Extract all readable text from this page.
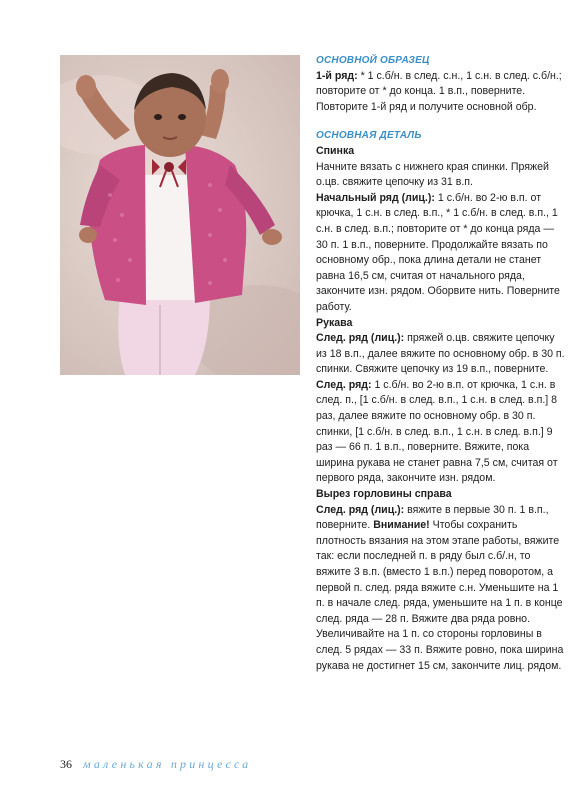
ОСНОВНОЙ ОБРАЗЕЦ

1-й ряд: * 1 с.б/н. в след. с.н., 1 с.н. в след. с.б/н.; повторите от * до конца. 1 в.п., поверните.

Повторите 1-й ряд и получите основной обр.

ОСНОВНАЯ ДЕТАЛЬ

Спинка

Начните вязать с нижнего края спинки. Пряжей о.цв. свяжите цепочку из 31 в.п.

Начальный ряд (лиц.): 1 с.б/н. во 2-ю в.п. от крючка, 1 с.н. в след. в.п., * 1 с.б/н. в след. в.п., 1 с.н. в след. в.п.; повторите от * до конца ряда — 30 п. 1 в.п., поверните. Продолжайте вязать по основному обр., пока длина детали не станет равна 16,5 см, считая от начального ряда, закончите изн. рядом. Оборвите нить. Поверните работу.

Рукава

След. ряд (лиц.): пряжей о.цв. свяжите цепочку из 18 в.п., далее вяжите по основному обр. в 30 п. спинки. Свяжите цепочку из 19 в.п., поверните.

След. ряд: 1 с.б/н. во 2-ю в.п. от крючка, 1 с.н. в след. п., [1 с.б/н. в след. в.п., 1 с.н. в след. в.п.] 8 раз, далее вяжите по основному обр. в 30 п. спинки, [1 с.б/н. в след. в.п., 1 с.н. в след. в.п.] 9 раз — 66 п. 1 в.п., поверните. Вяжите, пока ширина рукава не станет равна 7,5 см, считая от первого ряда, закончите изн. рядом.

Вырез горловины справа

След. ряд (лиц.): вяжите в первые 30 п. 1 в.п., поверните. Внимание! Чтобы сохранить плотность вязания на этом этапе работы, вяжите так: если последней п. в ряду был с.б/.н, то вяжите 3 в.п. (вместо 1 в.п.) перед поворотом, а первой п. след. ряда вяжите с.н. Уменьшите на 1 п. в начале след. ряда, уменьшите на 1 п. в конце след. ряда — 28 п. Вяжите два ряда ровно. Увеличивайте на 1 п. со стороны горловины в след. 5 рядах — 33 п. Вяжите ровно, пока ширина рукава не достигнет 15 см, закончите лиц. рядом.

36 маленькая принцесса
